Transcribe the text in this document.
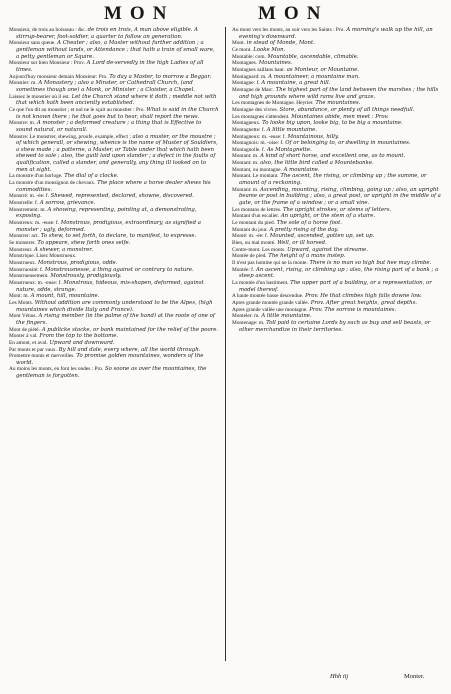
MON	MON

Monsieur, de trois au boisseau : &c. de trois en trois, A man above eligible. A stirrup-bearer, foot-soldier, a quarter to follow an generation.

Monsieur sans queue. A Cheater ; also, a Master without further addition ; a gentleman without lands, or Attendance ; that hath a train of small ware, a petty gentleman or Squire.

Monsieur sur bien Monsieur : Prov. A Lord de-servedly in the high Ladies of all times.

Aujourd'huy monsieur demain Monsieur: Pro. To day a Master, to morrow a Beggar.

Monstier: m. A Monastery ; also a Minster, or Cathedrall Church, (and sometimes though one) a Monk, or Minister ; a Cloister, a Chapel.

Laissez le monstier où il est. Let the Church stand where it doth ; meddle not with that which hath been anciently established.

Ce que l'on dit au moustier ; et nul ne le sçait au monstier : Pro. What is said in the Church is not known there ; he that goes but to hear, shall report the news.

Monstre: m. A monster ; a deformed creature ; a thing that is Effective to sound natural, or naturall.

Monstre: Le monstrer, shewing, proofe, example, effect ; also a muster, or the moustre ; of which generall, or shewing, whence is the name of Muster of Souldiers, a shew made ; a patterne, a Master, or Table under that which hath been shewed to sale ; also, the guilt laid upon slander ; a defect in the faults of qualification, called a slander, and generally, any thing ill looked on to men at sight.

La monstre d'un horloge. The dial of a clocke.

La monstre d'un monsignon de chevaux. The place where a horse dealer shews his commodities.

Monstré: m. -ée: f. Shewed, represented, declared, showne, discovered.

Monstrelle: f. A sorrow, grievance.

Monstrement: m. A showing, representing, pointing at, a demonstrating, exposing.

Monstreux: m. -euse: f. Monstrous, prodigious, extraordinary, as signified a monster ; ugly, deformed.

Monstrer: act. To shew, to set forth, to declare, to manifest, to expresse.

Se monstrer. To appeare, shew forth ones selfe.

Monstreur. A shewer, a monstrer.

Monstrique. Lisez Monstrueux.

Monstrueux. Monstrous, prodigious, odde.

Monstruosité: f. Monstrousnesse, a thing against or contrary to nature.

Monstrueusement. Monstrously, prodigiously.

Monstrueux: m. -euse: f. Monstrous, hideous, mis-shapen, deformed, against nature, odde, strange.

Mont: m. A mount, hill, mountaine.

Les Monts. Without addition are commonly understood to be the Alpes, (high mountaines which divide Italy and France).

Mont Vénus. A rising member (in the palme of the hand) at the roote of one of the fingers.

Mont de piété. A publicke stocke, or bank maintained for the relief of the poore.

Monter à val. From the top to the bottome.

En amont, et aval. Upward and downward.

Par monts et par vaux. By hill and dale, every where, all the world through.

Promettre monts et merveilles. To promise golden mountaines, wonders of the world.

Au moins les monts, en font les ondes : Pro. So soone as over the mountaines, the gentleman is forgotten.

Au mont vers les monts, au soir vers les Saints : Pro. A morning's walk up the hill, an evening's downward.

Mont. in stead of Monde, Mont.

Ce mont. Looke Mon.

Montable: com. Mountable, ascendable, climable.

Montagnes. Mountaines.

Montagnes saillans haut. as Monteur, or Mountaine.

Montagnard: m. A mountaineer, a mountaine man.

Montagne: f. A mountaine, a great hill.

Montagne de Marc. The highest part of the land between the marshes ; the hills and high grounds where wild rams live and graze.

Les montagnes de Montagne. Heyrier. The mountaines.

Montagne des vivres. Store, abundance, or plenty of all things needfull.

Les montagnes s'attendent. Mountaines abide, men meet : Prov.

Montagneux. To looke big upon, looke big, to be big a mountaine.

Montagnette: f. A little mountaine.

Montagneux: m. -euse: f. Mountainous, hilly.

Montagnois: m. -oise: f. Of or belonging to, or dwelling in mountaines.

Montagnolle. f. As Montagnette.

Montant: m. A kind of short horse, and excellent one, as to mount.

Montant: m. also, the little bird called a Mountebanke.

Montant, ou montagne. A mountaine.

Montant. Le montant. The ascent, the rising, or climbing up ; the summe, or amount of a reckoning.

Montant: m. Ascending, mounting, rising, climbing, going up ; also, an upright beame or post in building ; also, a great post, or upright in the middle of a gate, or the frame of a window ; or a small vine.

Les montans de lettres. The upright strokes, or stems of letters.

Montant d'un escalier. An upright, or the stem of a staire.

Le montant du pied. The sole of a horse foot.

Montant du jour. A pretty rising of the day.

Monté: m. -ée: f. Mounted, ascended, gotten up, set up.

Bien, ou mal monté. Well, or ill horsed.

Contre-mont. Les monts. Upward, against the streame.

Montée de pied. The height of a mans instep.

Il n'est pas homme qui ne la monte. There is no man so high but hee may climbe.

Montée: f. An ascent, rising, or climbing up ; also, the rising part of a bank ; a steep ascent.

La montée d'un bastiment. The upper part of a building, or a representation, or model thereof.

A haute montée basse descendue. Prov. He that climbes high falls downe low.

Apres grande montée grande vallée. Prov. After great heights, great depths.

Apres grande vallée une montagne. Prov. The sorrow is mountaines.

Montelet: m. A little mountaine.

Montenage: m. Toll paid to certaine Lords by such as buy and sell beasts, or other merchandize in their territories.

Hhh iij	Monter.
